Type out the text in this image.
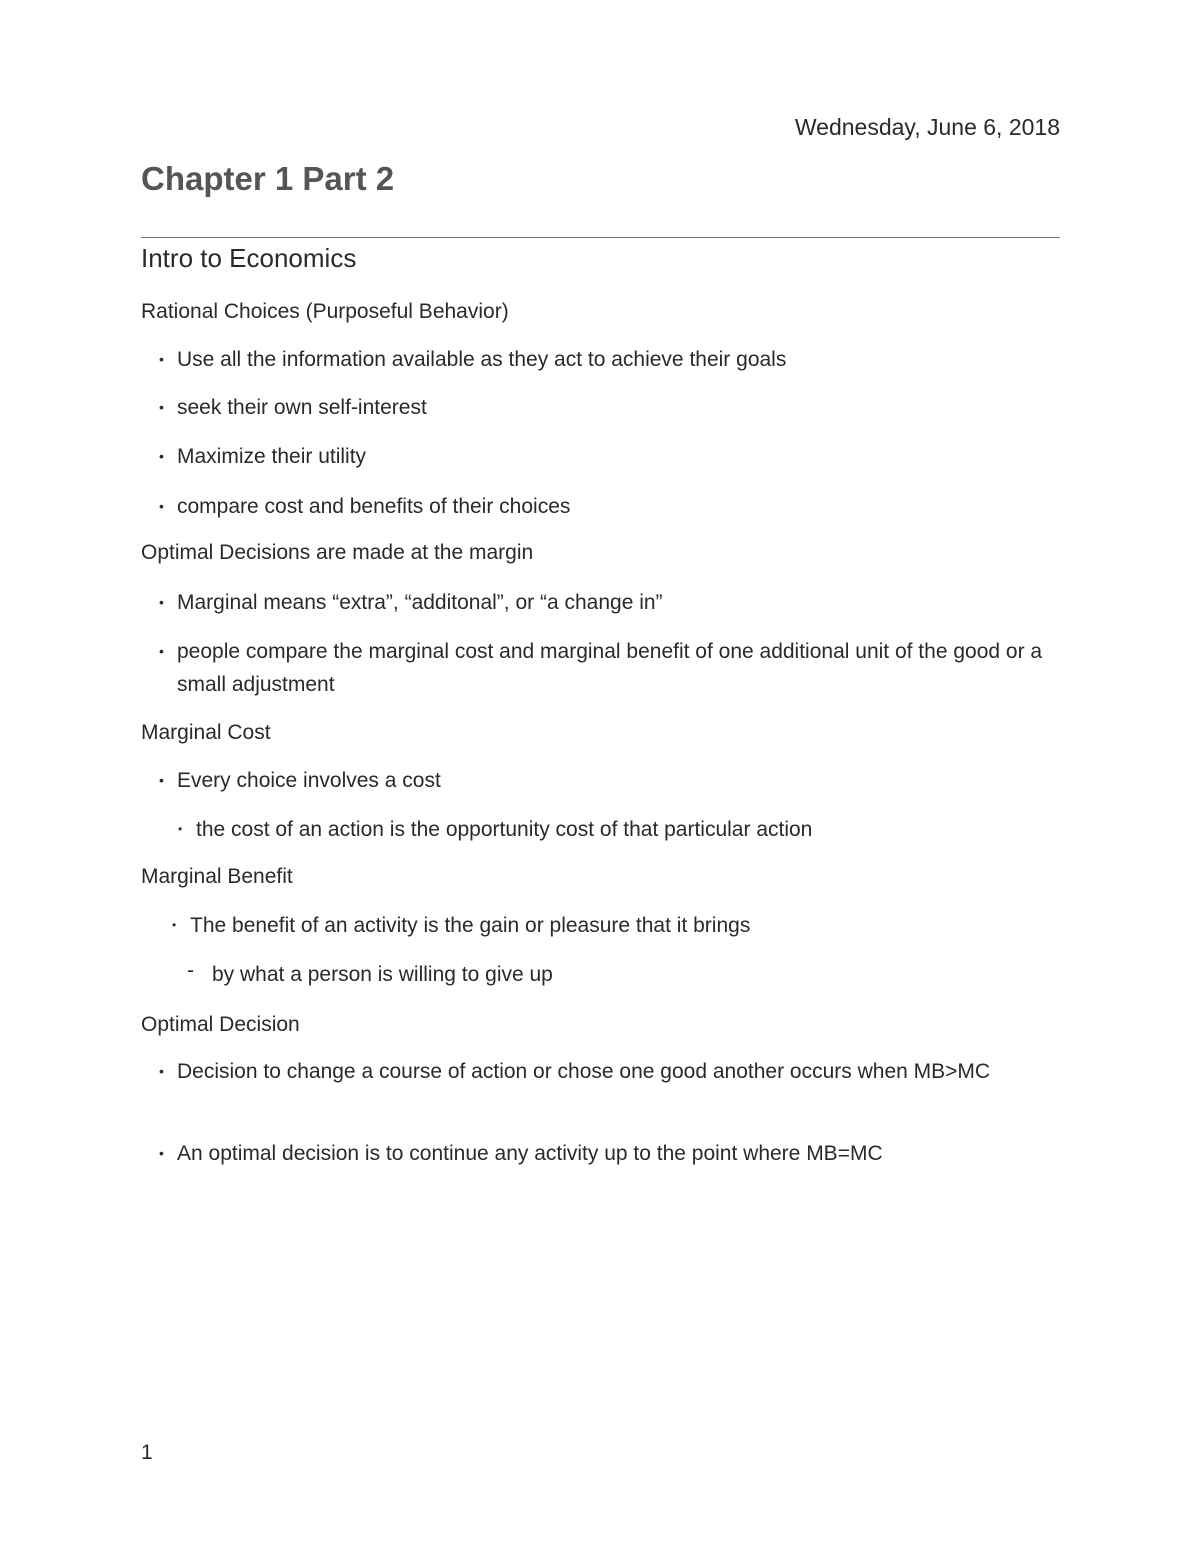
Wednesday, June 6, 2018
Chapter 1 Part 2
Intro to Economics

Rational Choices (Purposeful Behavior)

• Use all the information available as they act to achieve their goals
• seek their own self-interest
• Maximize their utility
• compare cost and benefits of their choices

Optimal Decisions are made at the margin

• Marginal means “extra”, “additonal”, or “a change in”
• people compare the marginal cost and marginal benefit of one additional unit of the good or a small adjustment

Marginal Cost

• Every choice involves a cost
• the cost of an action is the opportunity cost of that particular action

Marginal Benefit

• The benefit of an activity is the gain or pleasure that it brings
- by what a person is willing to give up

Optimal Decision

• Decision to change a course of action or chose one good another occurs when MB>MC
• An optimal decision is to continue any activity up to the point where MB=MC
1
